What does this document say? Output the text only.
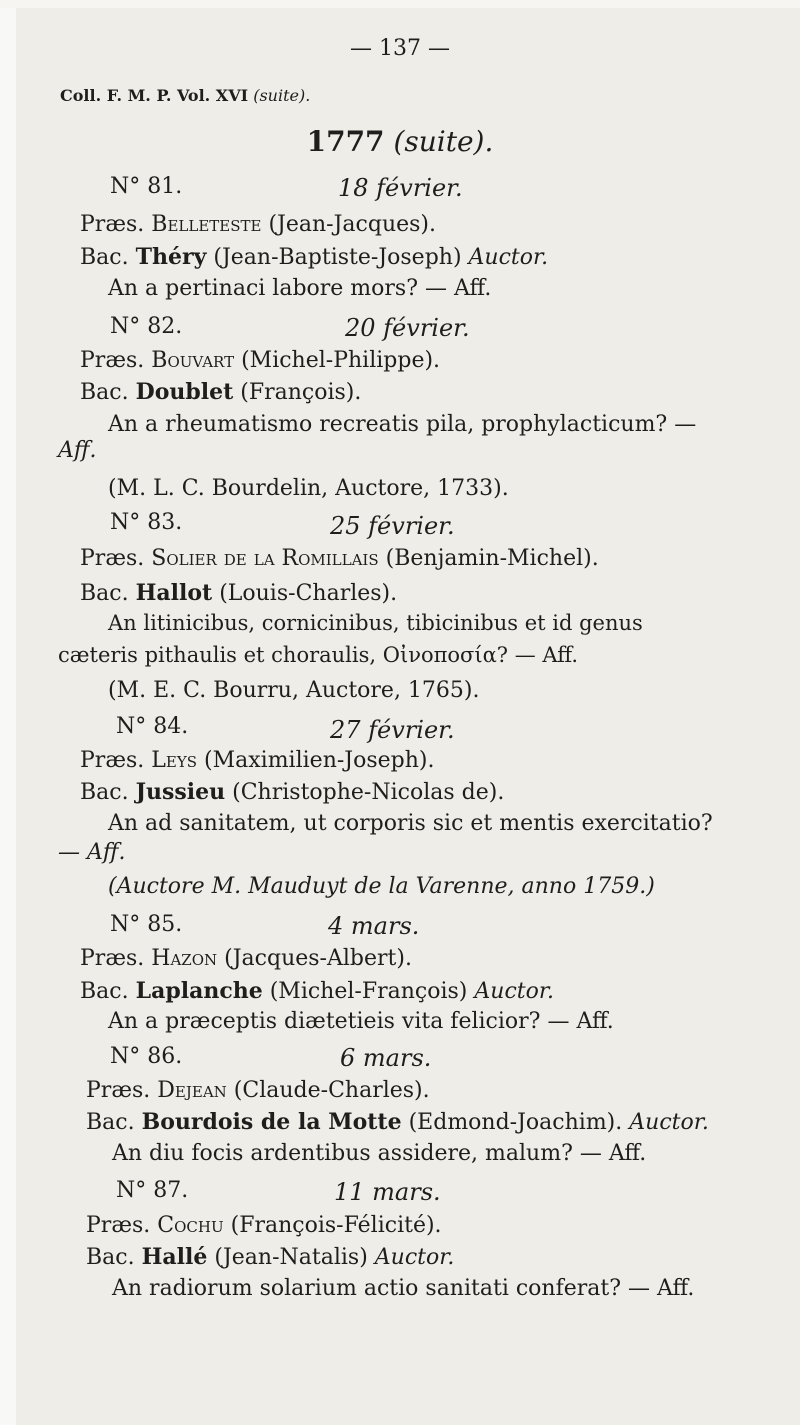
— 137 —
Coll. F. M. P. Vol. XVI (suite).
1777 (suite).
N° 81.	18 février.
Præs. Belleteste (Jean-Jacques).
Bac. Théry (Jean-Baptiste-Joseph) Auctor.
An a pertinaci labore mors? — Aff.
N° 82.	20 février.
Præs. Bouvart (Michel-Philippe).
Bac. Doublet (François).
An a rheumatismo recreatis pila, prophylacticum? —
Aff.
(M. L. C. Bourdelin, Auctore, 1733).
N° 83.	25 février.
Præs. Solier de la Romillais (Benjamin-Michel).
Bac. Hallot (Louis-Charles).
An litinicibus, cornicinibus, tibicinibus et id genus
cæteris pithaulis et choraulis, Οἰνοποσία? — Aff.
(M. E. C. Bourru, Auctore, 1765).
N° 84.	27 février.
Præs. Leys (Maximilien-Joseph).
Bac. Jussieu (Christophe-Nicolas de).
An ad sanitatem, ut corporis sic et mentis exercitatio?
— Aff.
(Auctore M. Mauduyt de la Varenne, anno 1759.)
N° 85.	4 mars.
Præs. Hazon (Jacques-Albert).
Bac. Laplanche (Michel-François) Auctor.
An a præceptis diætetieis vita felicior? — Aff.
N° 86.	6 mars.
Præs. Dejean (Claude-Charles).
Bac. Bourdois de la Motte (Edmond-Joachim). Auctor.
An diu focis ardentibus assidere, malum? — Aff.
N° 87.	11 mars.
Præs. Cochu (François-Félicité).
Bac. Hallé (Jean-Natalis) Auctor.
An radiorum solarium actio sanitati conferat? — Aff.
